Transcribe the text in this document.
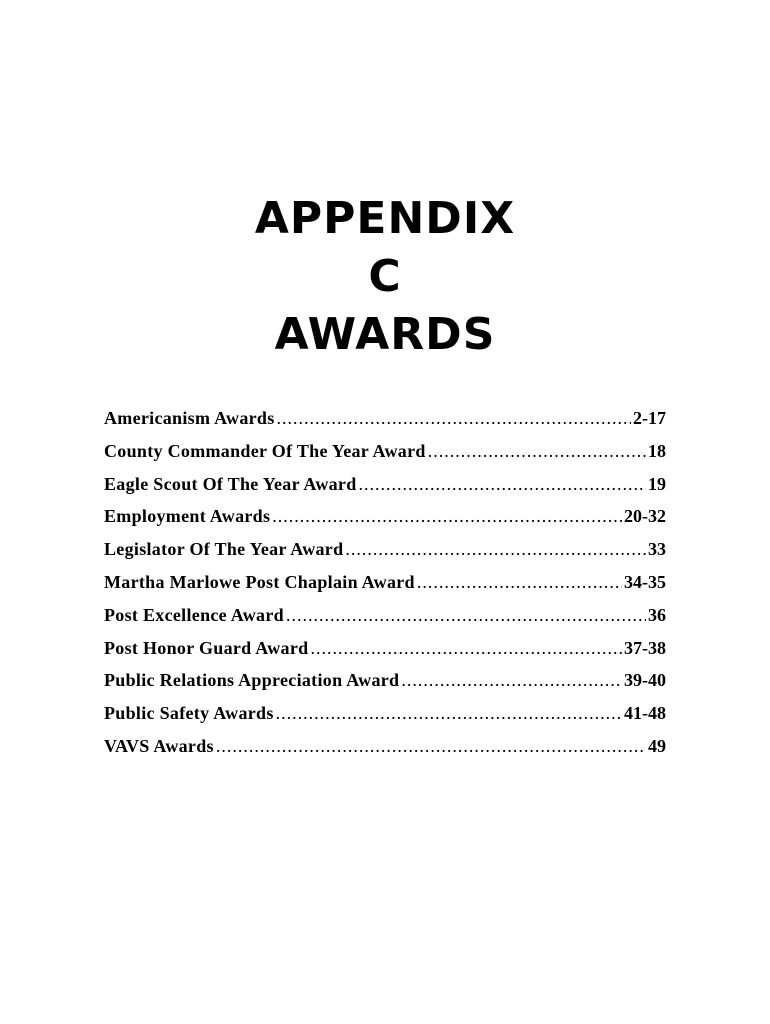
APPENDIX
C
AWARDS
Americanism Awards .....	2-17
County Commander Of The Year Award .....	18
Eagle Scout Of The Year Award .....	19
Employment Awards .....	20-32
Legislator Of The Year Award .....	33
Martha Marlowe Post Chaplain Award .....	34-35
Post Excellence Award .....	36
Post Honor Guard Award .....	37-38
Public Relations Appreciation Award .....	39-40
Public Safety Awards .....	41-48
VAVS Awards .....	49
